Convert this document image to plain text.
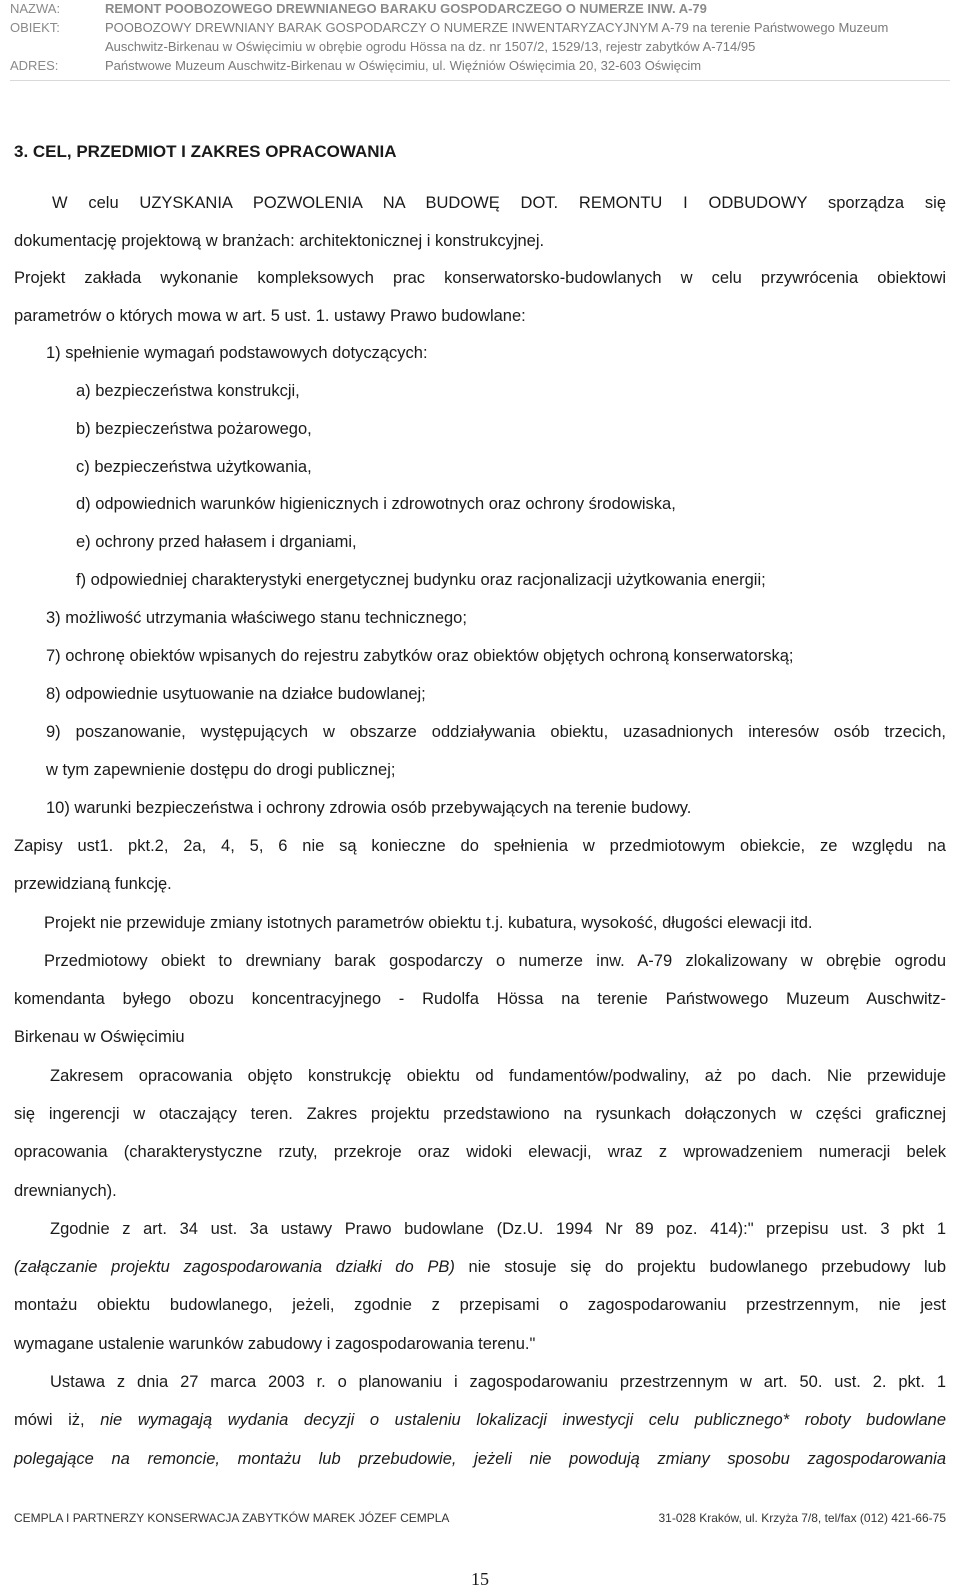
NAZWA:	REMONT POOBOZOWEGO DREWNIANEGO BARAKU GOSPODARCZEGO O NUMERZE INW. A-79
OBIEKT:	POOBOZOWY DREWNIANY BARAK GOSPODARCZY O NUMERZE INWENTARYZACYJNYM A-79 na terenie Państwowego Muzeum
Auschwitz-Birkenau w Oświęcimiu w obrębie ogrodu Hössa na dz. nr 1507/2, 1529/13, rejestr zabytków A-714/95
ADRES:	Państwowe Muzeum Auschwitz-Birkenau w Oświęcimiu, ul. Więźniów Oświęcimia 20, 32-603 Oświęcim
3. CEL, PRZEDMIOT I ZAKRES OPRACOWANIA
W celu UZYSKANIA POZWOLENIA NA BUDOWĘ DOT. REMONTU I ODBUDOWY sporządza się
dokumentację projektową w branżach: architektonicznej i konstrukcyjnej.
Projekt zakłada wykonanie kompleksowych prac konserwatorsko-budowlanych w celu przywrócenia obiektowi
parametrów o których mowa w art. 5 ust. 1. ustawy Prawo budowlane:
1) spełnienie wymagań podstawowych dotyczących:
a) bezpieczeństwa konstrukcji,
b) bezpieczeństwa pożarowego,
c) bezpieczeństwa użytkowania,
d) odpowiednich warunków higienicznych i zdrowotnych oraz ochrony środowiska,
e) ochrony przed hałasem i drganiami,
f) odpowiedniej charakterystyki energetycznej budynku oraz racjonalizacji użytkowania energii;
3) możliwość utrzymania właściwego stanu technicznego;
7) ochronę obiektów wpisanych do rejestru zabytków oraz obiektów objętych ochroną konserwatorską;
8) odpowiednie usytuowanie na działce budowlanej;
9) poszanowanie, występujących w obszarze oddziaływania obiektu, uzasadnionych interesów osób trzecich,
w tym zapewnienie dostępu do drogi publicznej;
10) warunki bezpieczeństwa i ochrony zdrowia osób przebywających na terenie budowy.
Zapisy ust1. pkt.2, 2a, 4, 5, 6 nie są konieczne do spełnienia w przedmiotowym obiekcie, ze względu na
przewidzianą funkcję.
Projekt nie przewiduje zmiany istotnych parametrów obiektu t.j. kubatura, wysokość, długości elewacji itd.
Przedmiotowy obiekt to drewniany barak gospodarczy o numerze inw. A-79 zlokalizowany w obrębie ogrodu
komendanta byłego obozu koncentracyjnego - Rudolfa Hössa na terenie Państwowego Muzeum Auschwitz-
Birkenau w Oświęcimiu
Zakresem opracowania objęto konstrukcję obiektu od fundamentów/podwaliny, aż po dach. Nie przewiduje
się ingerencji w otaczający teren. Zakres projektu przedstawiono na rysunkach dołączonych w części graficznej
opracowania (charakterystyczne rzuty, przekroje oraz widoki elewacji, wraz z wprowadzeniem numeracji belek
drewnianych).
Zgodnie z art. 34 ust. 3a ustawy Prawo budowlane (Dz.U. 1994 Nr 89 poz. 414):" przepisu ust. 3 pkt 1
(załączanie projektu zagospodarowania działki do PB) nie stosuje się do projektu budowlanego przebudowy lub
montażu obiektu budowlanego, jeżeli, zgodnie z przepisami o zagospodarowaniu przestrzennym, nie jest
wymagane ustalenie warunków zabudowy i zagospodarowania terenu."
Ustawa z dnia 27 marca 2003 r. o planowaniu i zagospodarowaniu przestrzennym w art. 50. ust. 2. pkt. 1
mówi iż, nie wymagają wydania decyzji o ustaleniu lokalizacji inwestycji celu publicznego* roboty budowlane
polegające na remoncie, montażu lub przebudowie, jeżeli nie powodują zmiany sposobu zagospodarowania
CEMPLA I PARTNERZY KONSERWACJA ZABYTKÓW MAREK JÓZEF CEMPLA	31-028 Kraków, ul. Krzyża 7/8, tel/fax (012) 421-66-75
15
